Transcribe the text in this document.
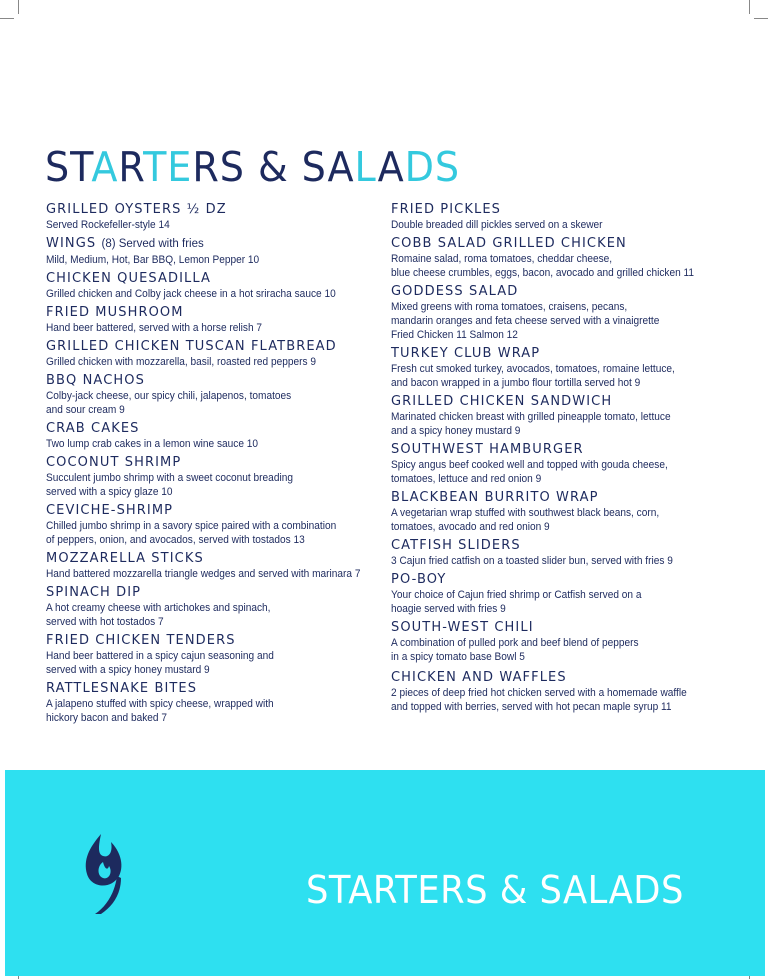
STARTERS & SALADS
GRILLED OYSTERS ½ DZ
Served Rockefeller-style 14
WINGS (8) Served with fries
Mild, Medium, Hot, Bar BBQ, Lemon Pepper 10
CHICKEN QUESADILLA
Grilled chicken and Colby jack cheese in a hot sriracha sauce 10
FRIED MUSHROOM
Hand beer battered, served with a horse relish 7
GRILLED CHICKEN TUSCAN FLATBREAD
Grilled chicken with mozzarella, basil, roasted red peppers 9
BBQ NACHOS
Colby-jack cheese, our spicy chili, jalapenos, tomatoes
and sour cream 9
CRAB CAKES
Two lump crab cakes in a lemon wine sauce 10
COCONUT SHRIMP
Succulent jumbo shrimp with a sweet coconut breading
served with a spicy glaze 10
CEVICHE-SHRIMP
Chilled jumbo shrimp in a savory spice paired with a combination
of peppers, onion, and avocados, served with tostados 13
MOZZARELLA STICKS
Hand battered mozzarella triangle wedges and served with marinara 7
SPINACH DIP
A hot creamy cheese with artichokes and spinach,
served with hot tostados 7
FRIED CHICKEN TENDERS
Hand beer battered in a spicy cajun seasoning and
served with a spicy honey mustard 9
RATTLESNAKE BITES
A jalapeno stuffed with spicy cheese, wrapped with
hickory bacon and baked 7
FRIED PICKLES
Double breaded dill pickles served on a skewer
COBB SALAD GRILLED CHICKEN
Romaine salad, roma tomatoes, cheddar cheese,
blue cheese crumbles, eggs, bacon, avocado and grilled chicken 11
GODDESS SALAD
Mixed greens with roma tomatoes, craisens, pecans,
mandarin oranges and feta cheese served with a vinaigrette
Fried Chicken 11 Salmon 12
TURKEY CLUB WRAP
Fresh cut smoked turkey, avocados, tomatoes, romaine lettuce,
and bacon wrapped in a jumbo flour tortilla served hot 9
GRILLED CHICKEN SANDWICH
Marinated chicken breast with grilled pineapple tomato, lettuce
and a spicy honey mustard 9
SOUTHWEST HAMBURGER
Spicy angus beef cooked well and topped with gouda cheese,
tomatoes, lettuce and red onion 9
BLACKBEAN BURRITO WRAP
A vegetarian wrap stuffed with southwest black beans, corn,
tomatoes, avocado and red onion 9
CATFISH SLIDERS
3 Cajun fried catfish on a toasted slider bun, served with fries 9
PO-BOY
Your choice of Cajun fried shrimp or Catfish served on a
hoagie served with fries 9
SOUTH-WEST CHILI
A combination of pulled pork and beef blend of peppers
in a spicy tomato base Bowl 5
CHICKEN AND WAFFLES
2 pieces of deep fried hot chicken served with a homemade waffle
and topped with berries, served with hot pecan maple syrup 11
STARTERS & SALADS
